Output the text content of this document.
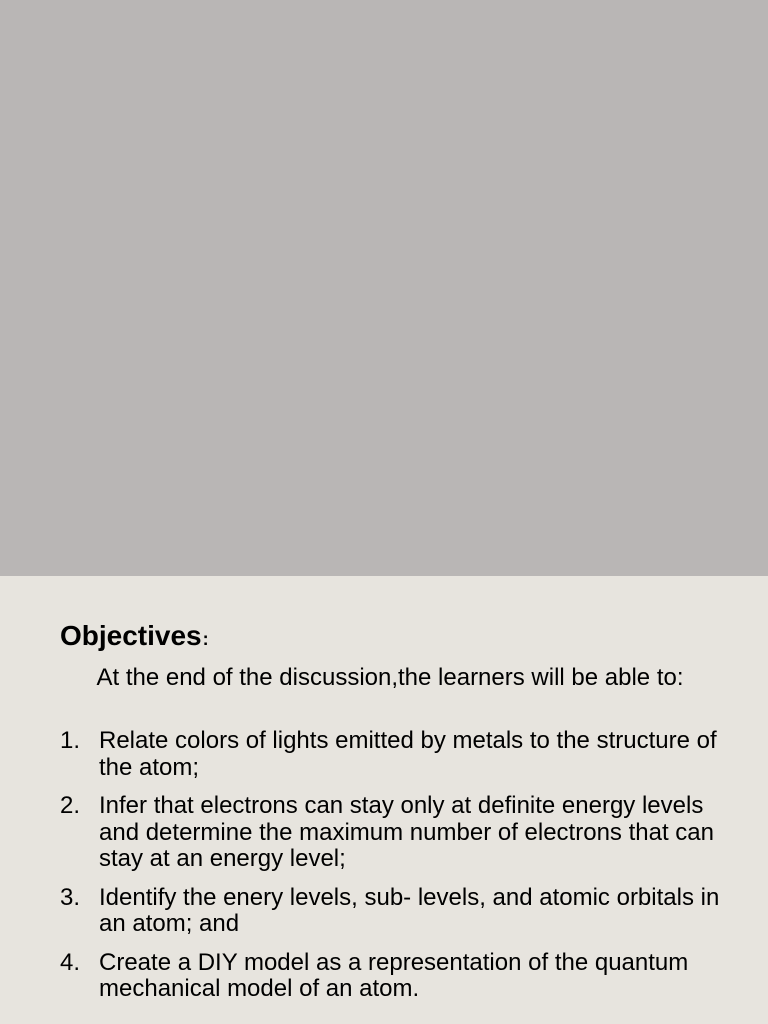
Objectives:
At the end of the discussion,the learners will be able to:
1. Relate colors of lights emitted by metals to the structure of the atom;
2. Infer that electrons can stay only at definite energy levels and determine the maximum number of electrons that can stay at an energy level;
3. Identify the enery levels, sub- levels, and atomic orbitals in an atom; and
4. Create a DIY model as a representation of the quantum mechanical model of an atom.
